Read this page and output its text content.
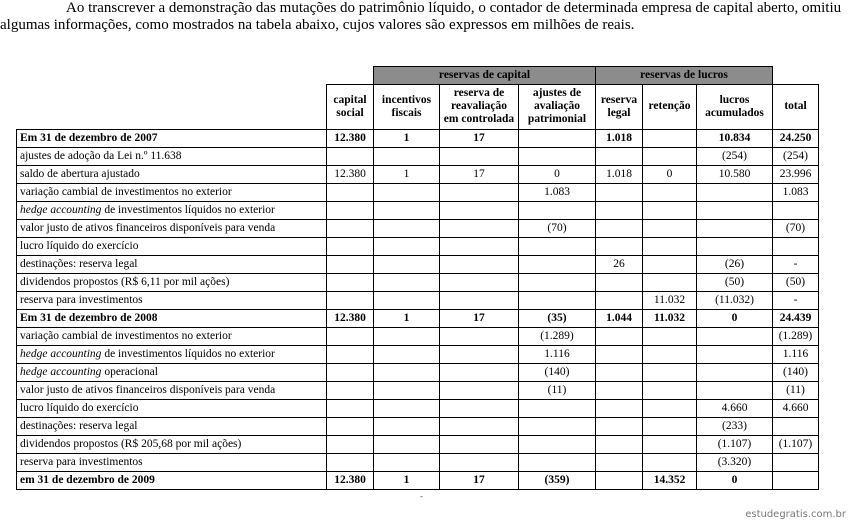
Ao transcrever a demonstração das mutações do patrimônio líquido, o contador de determinada empresa de capital aberto, omitiu

algumas informações, como mostrados na tabela abaixo, cujos valores são expressos em milhões de reais.

		reservas de capital			reservas de lucros			
	capital social	incentivos fiscais	reserva de reavaliação em controlada	ajustes de avaliação patrimonial	reserva legal	retenção	lucros acumulados	total
Em 31 de dezembro de 2007	12.380	1	17		1.018		10.834	24.250
ajustes de adoção da Lei n.º 11.638							(254)	(254)
saldo de abertura ajustado	12.380	1	17	0	1.018	0	10.580	23.996
variação cambial de investimentos no exterior				1.083				1.083
hedge accounting de investimentos líquidos no exterior								
valor justo de ativos financeiros disponíveis para venda				(70)				(70)
lucro líquido do exercício								
destinações: reserva legal					26		(26)	-
dividendos propostos (R$ 6,11 por mil ações)							(50)	(50)
reserva para investimentos						11.032	(11.032)	-
Em 31 de dezembro de 2008	12.380	1	17	(35)	1.044	11.032	0	24.439
variação cambial de investimentos no exterior				(1.289)				(1.289)
hedge accounting de investimentos líquidos no exterior				1.116				1.116
hedge accounting operacional				(140)				(140)
valor justo de ativos financeiros disponíveis para venda				(11)				(11)
lucro líquido do exercício							4.660	4.660
destinações: reserva legal							(233)	
dividendos propostos (R$ 205,68 por mil ações)							(1.107)	(1.107)
reserva para investimentos							(3.320)	
em 31 de dezembro de 2009	12.380	1	17	(359)		14.352	0	
-
estudegratis.com.br
